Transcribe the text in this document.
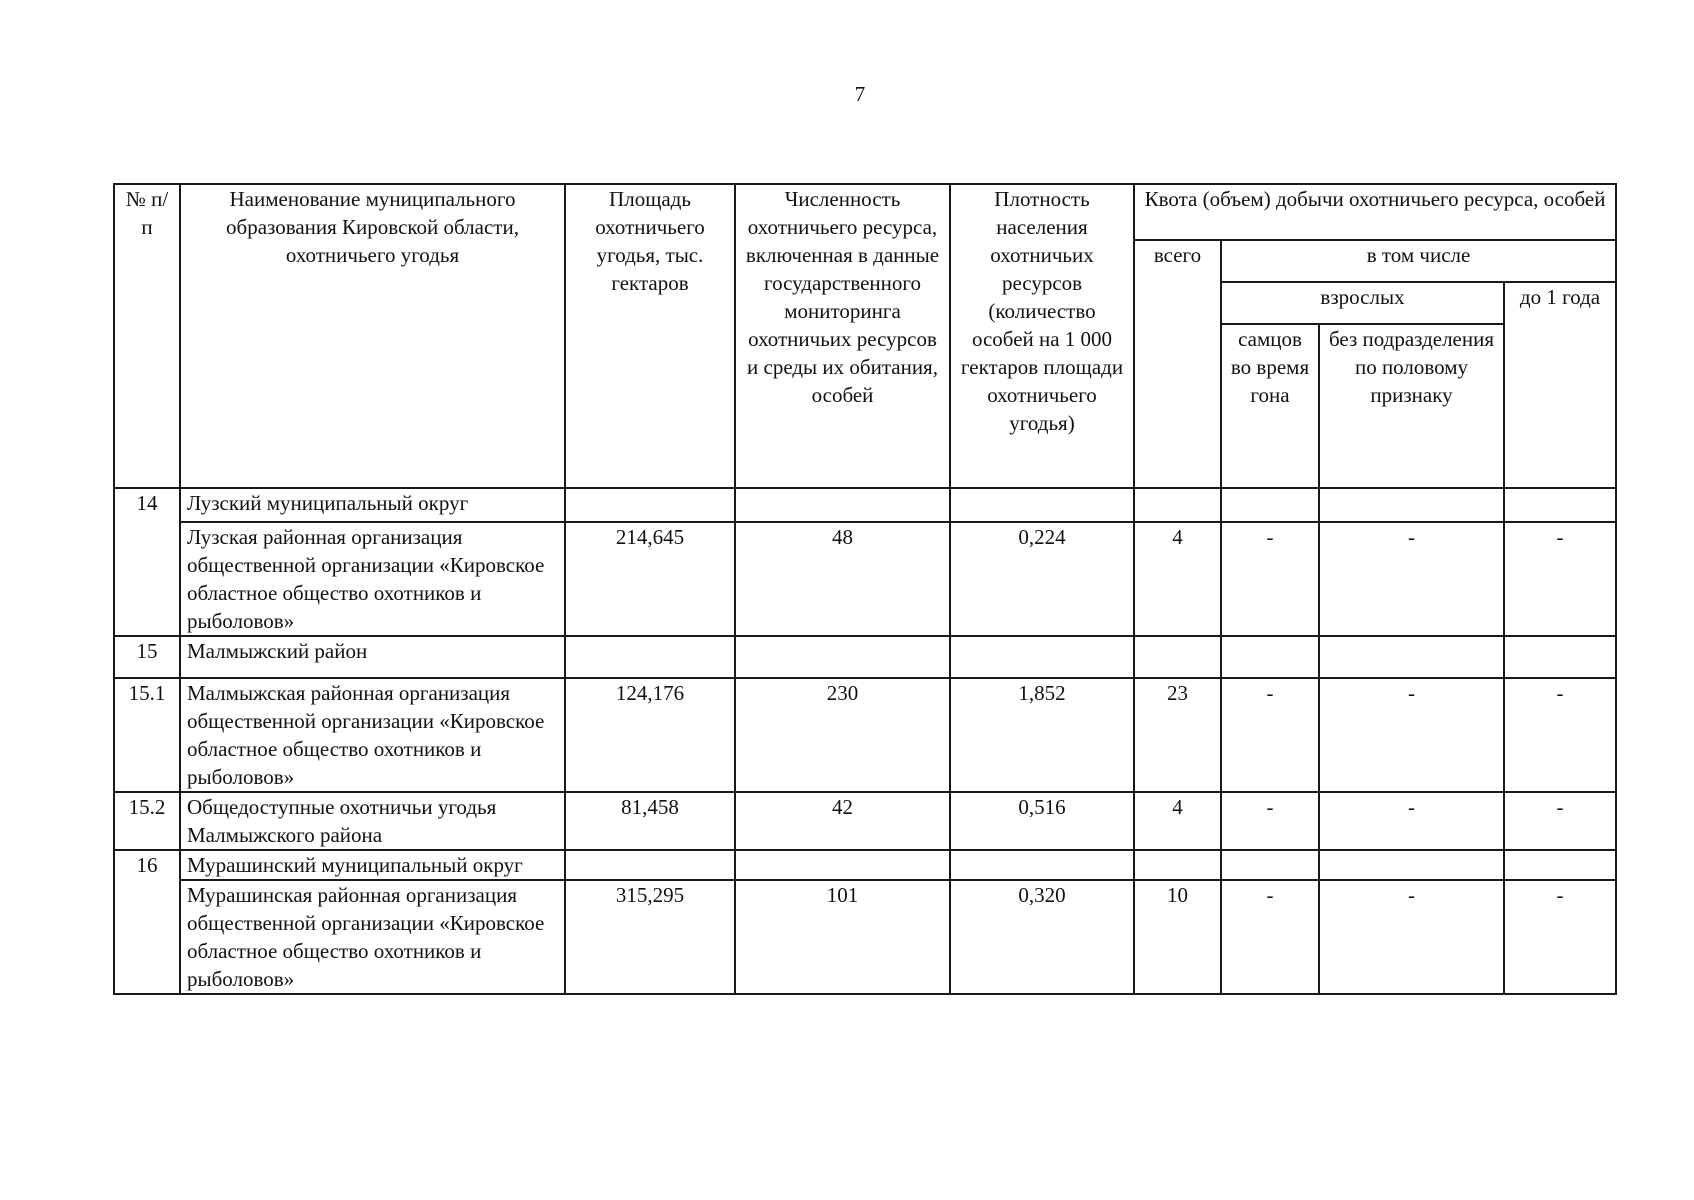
7
№ п/п	Наименование муниципального образования Кировской области, охотничьего угодья	Площадь охотничьего угодья, тыс. гектаров	Численность охотничьего ресурса, включенная в данные государственного мониторинга охотничьих ресурсов и среды их обитания, особей	Плотность населения охотничьих ресурсов (количество особей на 1 000 гектаров площади охотничьего угодья)	Квота (объем) добычи охотничьего ресурса, особей			
					всего	в том числе		
						взрослых		до 1 года
						самцов во время гона	без подразделения по половому признаку	
14	Лузский муниципальный округ							
	Лузская районная организация общественной организации «Кировское областное общество охотников и рыболовов»	214,645	48	0,224	4	-	-	-
15	Малмыжский район							
15.1	Малмыжская районная организация общественной организации «Кировское областное общество охотников и рыболовов»	124,176	230	1,852	23	-	-	-
15.2	Общедоступные охотничьи угодья Малмыжского района	81,458	42	0,516	4	-	-	-
16	Мурашинский муниципальный округ							
	Мурашинская районная организация общественной организации «Кировское областное общество охотников и рыболовов»	315,295	101	0,320	10	-	-	-
